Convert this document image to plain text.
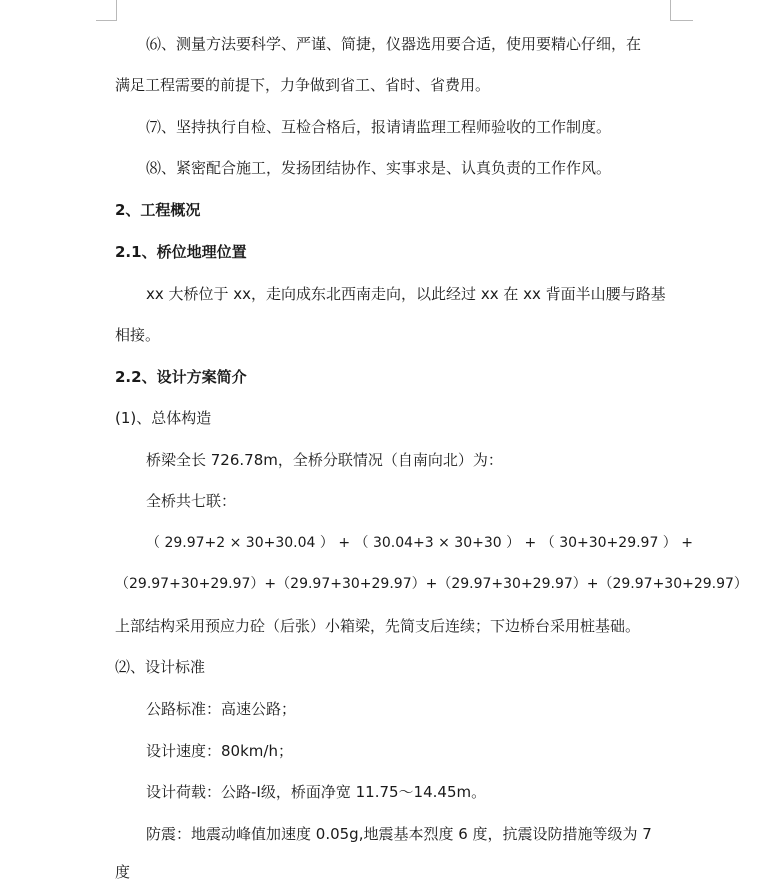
⑹、测量方法要科学、严谨、简捷，仪器选用要合适，使用要精心仔细，在
满足工程需要的前提下，力争做到省工、省时、省费用。
⑺、坚持执行自检、互检合格后，报请请监理工程师验收的工作制度。
⑻、紧密配合施工，发扬团结协作、实事求是、认真负责的工作作风。
2、工程概况
2.1、桥位地理位置
xx 大桥位于 xx，走向成东北西南走向，以此经过 xx 在 xx 背面半山腰与路基
相接。
2.2、设计方案简介
(1)、总体构造
桥梁全长 726.78m，全桥分联情况（自南向北）为：
全桥共七联：
（ 29.97+2 × 30+30.04 ） + （ 30.04+3 × 30+30 ） + （ 30+30+29.97 ） +
（29.97+30+29.97）+（29.97+30+29.97）+（29.97+30+29.97）+（29.97+30+29.97）
上部结构采用预应力砼（后张）小箱梁，先简支后连续；下边桥台采用桩基础。
⑵、设计标准
公路标准：高速公路；
设计速度：80km/h；
设计荷载：公路-Ⅰ级，桥面净宽 11.75～14.45m。
防震：地震动峰值加速度 0.05g,地震基本烈度 6 度，抗震设防措施等级为 7
度
